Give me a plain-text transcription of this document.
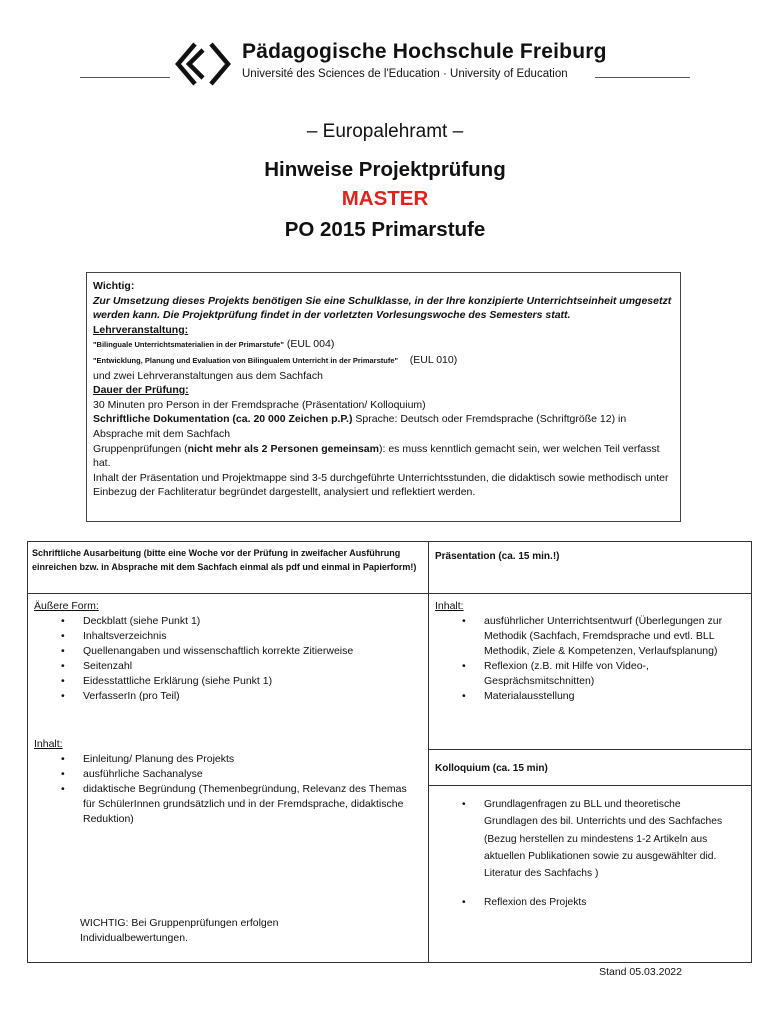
Pädagogische Hochschule Freiburg
Université des Sciences de l'Education · University of Education
– Europalehramt –
Hinweise Projektprüfung
MASTER
PO 2015 Primarstufe
Wichtig:
Zur Umsetzung dieses Projekts benötigen Sie eine Schulklasse, in der Ihre konzipierte Unterrichtseinheit umgesetzt werden kann. Die Projektprüfung findet in der vorletzten Vorlesungswoche des Semesters statt.
Lehrveranstaltung:
"Bilinguale Unterrichtsmaterialien in der Primarstufe" (EUL 004)
"Entwicklung, Planung und Evaluation von Bilingualem Unterricht in der Primarstufe" (EUL 010)
und zwei Lehrveranstaltungen aus dem Sachfach
Dauer der Prüfung:
30 Minuten pro Person in der Fremdsprache (Präsentation/ Kolloquium)
Schriftliche Dokumentation (ca. 20 000 Zeichen p.P.) Sprache: Deutsch oder Fremdsprache (Schriftgröße 12) in Absprache mit dem Sachfach
Gruppenprüfungen (nicht mehr als 2 Personen gemeinsam): es muss kenntlich gemacht sein, wer welchen Teil verfasst hat.
Inhalt der Präsentation und Projektmappe sind 3-5 durchgeführte Unterrichtsstunden, die didaktisch sowie methodisch unter Einbezug der Fachliteratur begründet dargestellt, analysiert und reflektiert werden.
Schriftliche Ausarbeitung (bitte eine Woche vor der Prüfung in zweifacher Ausführung einreichen bzw. in Absprache mit dem Sachfach einmal als pdf und einmal in Papierform!)
Präsentation (ca. 15 min.!)
Äußere Form:
• Deckblatt (siehe Punkt 1)
• Inhaltsverzeichnis
• Quellenangaben und wissenschaftlich korrekte Zitierweise
• Seitenzahl
• Eidesstattliche Erklärung (siehe Punkt 1)
• VerfasserIn (pro Teil)
Inhalt:
• Einleitung/ Planung des Projekts
• ausführliche Sachanalyse
• didaktische Begründung (Themenbegründung, Relevanz des Themas für SchülerInnen grundsätzlich und in der Fremdsprache, didaktische Reduktion)
WICHTIG: Bei Gruppenprüfungen erfolgen Individualbewertungen.
Inhalt:
• ausführlicher Unterrichtsentwurf (Überlegungen zur Methodik (Sachfach, Fremdsprache und evtl. BLL Methodik, Ziele & Kompetenzen, Verlaufsplanung)
• Reflexion (z.B. mit Hilfe von Video-, Gesprächsmitschnitten)
• Materialausstellung
Kolloquium (ca. 15 min)
• Grundlagenfragen zu BLL und theoretische Grundlagen des bil. Unterrichts und des Sachfaches (Bezug herstellen zu mindestens 1-2 Artikeln aus aktuellen Publikationen sowie zu ausgewählter did. Literatur des Sachfachs )
• Reflexion des Projekts
Stand 05.03.2022
